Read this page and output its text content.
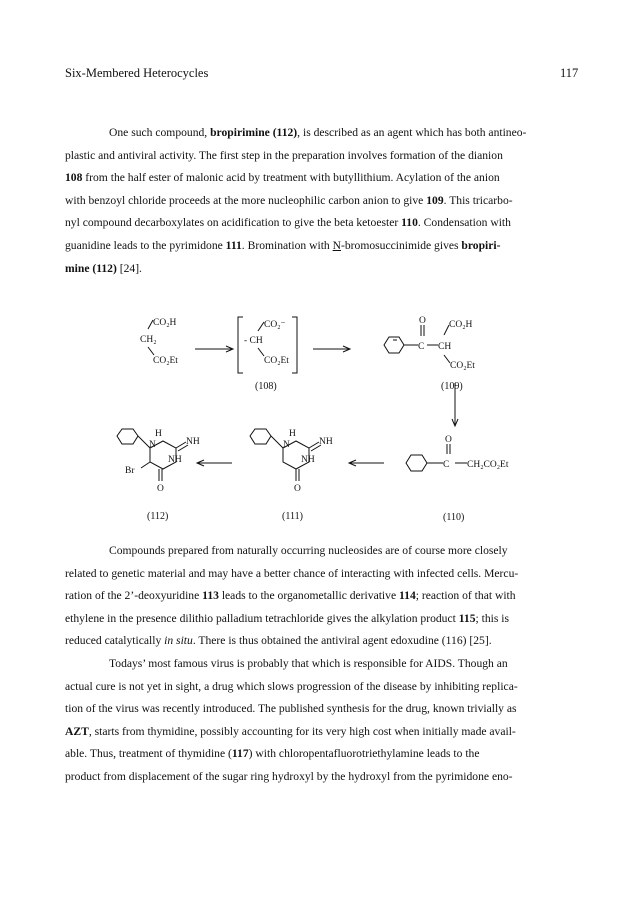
Six-Membered Heterocycles	117

One such compound, bropirimine (112), is described as an agent which has both antineo-
plastic and antiviral activity. The first step in the preparation involves formation of the dianion
108 from the half ester of malonic acid by treatment with butyllithium. Acylation of the anion
with benzoyl chloride proceeds at the more nucleophilic carbon anion to give 109. This tricarbo-
nyl compound decarboxylates on acidification to give the beta ketoester 110. Condensation with
guanidine leads to the pyrimidone 111. Bromination with N-bromosuccinimide gives bropiri-
mine (112) [24].

CO₂H
CH₂
CO₂Et
CO₂⁻
- CH
CO₂Et
O
C CH
CO₂H
CO₂Et
O
C CH₂CO₂Et
H
N	NH
NH
O
H
N	NH
NH
Br
O
(108)	(109)
(110)
(111)
(112)

Compounds prepared from naturally occurring nucleosides are of course more closely
related to genetic material and may have a better chance of interacting with infected cells. Mercu-
ration of the 2’-deoxyuridine 113 leads to the organometallic derivative 114; reaction of that with
ethylene in the presence dilithio palladium tetrachloride gives the alkylation product 115; this is
reduced catalytically in situ. There is thus obtained the antiviral agent edoxudine (116) [25].

Todays’ most famous virus is probably that which is responsible for AIDS. Though an
actual cure is not yet in sight, a drug which slows progression of the disease by inhibiting replica-
tion of the virus was recently introduced. The published synthesis for the drug, known trivially as
AZT, starts from thymidine, possibly accounting for its very high cost when initially made avail-
able. Thus, treatment of thymidine (117) with chloropentafluorotriethylamine leads to the
product from displacement of the sugar ring hydroxyl by the hydroxyl from the pyrimidone eno-
